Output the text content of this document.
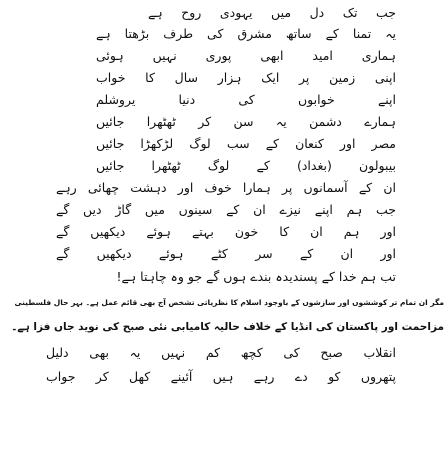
جب تک دل میں یہودی روح ہے
یہ تمنا کے ساتھ مشرق کی طرف بڑھتا ہے
ہماری امید ابھی پوری نہیں ہوئی
اپنی زمین پر ایک ہزار سال کا خواب
اپنے خوابوں کی دنیا یروشلم
ہمارے دشمن یہ سن کر ٹھٹھرا جائیں
مصر اور کنعان کے سب لوگ لڑکھڑا جائیں
بیبولون (بغداد) کے لوگ ٹھٹھرا جائیں
ان کے آسمانوں پر ہمارا خوف اور دہشت چھائی رہے
جب ہم اپنے نیزے ان کے سینوں میں گاڑ دیں گے
اور ہم ان کا خون بہتے ہوئے دیکھیں گے
اور ان کے سر کٹے ہوئے دیکھیں گے
تب ہم خدا کے پسندیدہ بندے ہوں گے جو وہ چاہتا ہے!
مگر ان تمام تر کوششوں اور سازشوں کے باوجود اسلام کا نظریاتی تشخص آج بھی قائم عمل ہے۔ بہر حال فلسطینی
مزاحمت اور پاکستان کی انڈیا کے خلاف حالیہ کامیابی نئی صبح کی نوید جاں فزا ہے۔
انقلاب صبح کی کچھ کم نہیں یہ بھی دلیل
پتھروں کو دے رہے ہیں آئینے کھل کر جواب
